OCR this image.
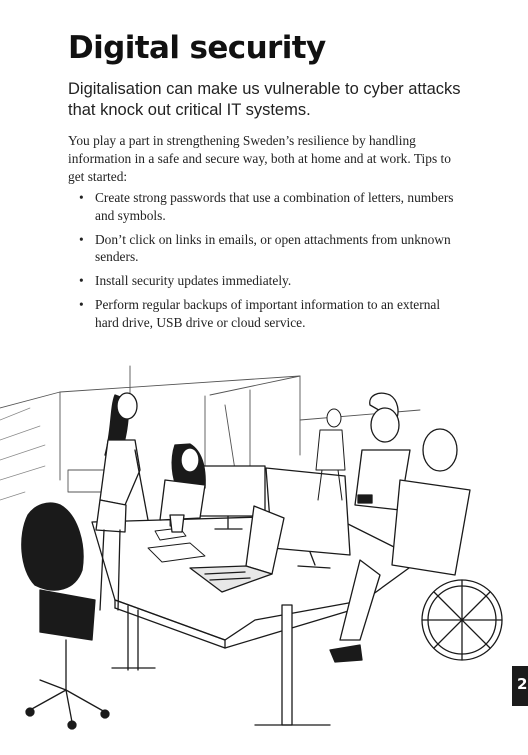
Digital security

Digitalisation can make us vulnerable to cyber attacks that knock out critical IT systems.

You play a part in strengthening Sweden’s resilience by handling information in a safe and secure way, both at home and at work. Tips to get started:

• Create strong passwords that use a combination of letters, numbers and symbols.
• Don’t click on links in emails, or open attachments from unknown senders.
• Install security updates immediately.
• Perform regular backups of important information to an external hard drive, USB drive or cloud service.
2
